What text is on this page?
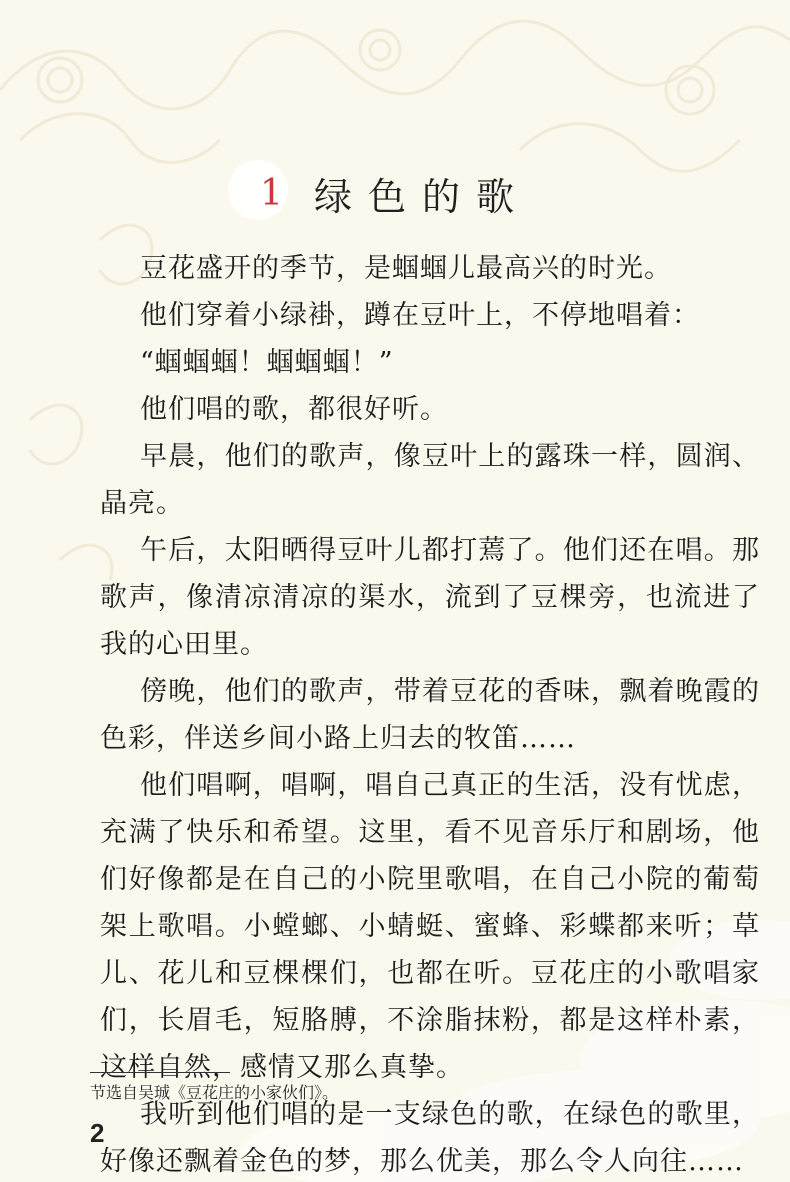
1 绿色的歌

豆花盛开的季节，是蝈蝈儿最高兴的时光。

他们穿着小绿褂，蹲在豆叶上，不停地唱着：

“蝈蝈蝈！蝈蝈蝈！”

他们唱的歌，都很好听。

早晨，他们的歌声，像豆叶上的露珠一样，圆润、晶亮。

午后，太阳晒得豆叶儿都打蔫了。他们还在唱。那歌声，像清凉清凉的渠水，流到了豆棵旁，也流进了我的心田里。

傍晚，他们的歌声，带着豆花的香味，飘着晚霞的色彩，伴送乡间小路上归去的牧笛……

他们唱啊，唱啊，唱自己真正的生活，没有忧虑，充满了快乐和希望。这里，看不见音乐厅和剧场，他们好像都是在自己的小院里歌唱，在自己小院的葡萄架上歌唱。小螳螂、小蜻蜓、蜜蜂、彩蝶都来听；草儿、花儿和豆棵棵们，也都在听。豆花庄的小歌唱家们，长眉毛，短胳膊，不涂脂抹粉，都是这样朴素，这样自然，感情又那么真挚。

我听到他们唱的是一支绿色的歌，在绿色的歌里，好像还飘着金色的梦，那么优美，那么令人向往……

节选自吴珹《豆花庄的小家伙们》。
2
